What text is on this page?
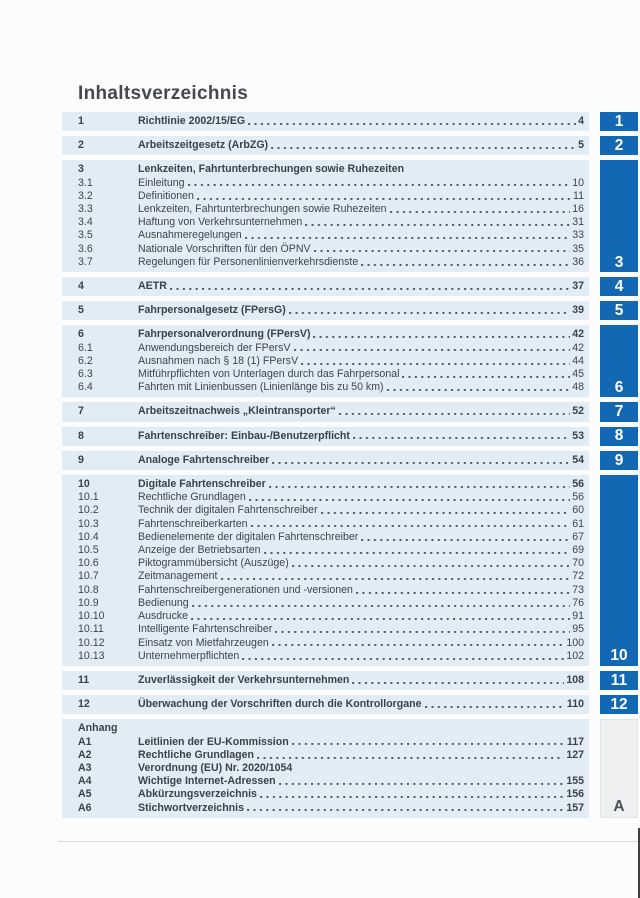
Inhaltsverzeichnis
1	Richtlinie 2002/15/EG	4
2	Arbeitszeitgesetz (ArbZG)	5
3	Lenkzeiten, Fahrtunterbrechungen sowie Ruhezeiten
3.1	Einleitung	10
3.2	Definitionen	11
3.3	Lenkzeiten, Fahrtunterbrechungen sowie Ruhezeiten	16
3.4	Haftung von Verkehrsunternehmen	31
3.5	Ausnahmeregelungen	33
3.6	Nationale Vorschriften für den ÖPNV	35
3.7	Regelungen für Personenlinienverkehrsdienste	36
4	AETR	37
5	Fahrpersonalgesetz (FPersG)	39
6	Fahrpersonalverordnung (FPersV)	42
6.1	Anwendungsbereich der FPersV	42
6.2	Ausnahmen nach § 18 (1) FPersV	44
6.3	Mitführpflichten von Unterlagen durch das Fahrpersonal	45
6.4	Fahrten mit Linienbussen (Linienlänge bis zu 50 km)	48
7	Arbeitszeitnachweis „Kleintransporter“	52
8	Fahrtenschreiber: Einbau-/Benutzerpflicht	53
9	Analoge Fahrtenschreiber	54
10	Digitale Fahrtenschreiber	56
10.1	Rechtliche Grundlagen	56
10.2	Technik der digitalen Fahrtenschreiber	60
10.3	Fahrtenschreiberkarten	61
10.4	Bedienelemente der digitalen Fahrtenschreiber	67
10.5	Anzeige der Betriebsarten	69
10.6	Piktogrammübersicht (Auszüge)	70
10.7	Zeitmanagement	72
10.8	Fahrtenschreibergenerationen und -versionen	73
10.9	Bedienung	76
10.10	Ausdrucke	91
10.11	Intelligente Fahrtenschreiber	95
10.12	Einsatz von Mietfahrzeugen	100
10.13	Unternehmerpflichten	102
11	Zuverlässigkeit der Verkehrsunternehmen	108
12	Überwachung der Vorschriften durch die Kontrollorgane	110
Anhang
A1	Leitlinien der EU-Kommission	117
A2	Rechtliche Grundlagen	127
A3	Verordnung (EU) Nr. 2020/1054
A4	Wichtige Internet-Adressen	155
A5	Abkürzungsverzeichnis	156
A6	Stichwortverzeichnis	157
1
2
3
4
5
6
7
8
9
10
11
12
A
